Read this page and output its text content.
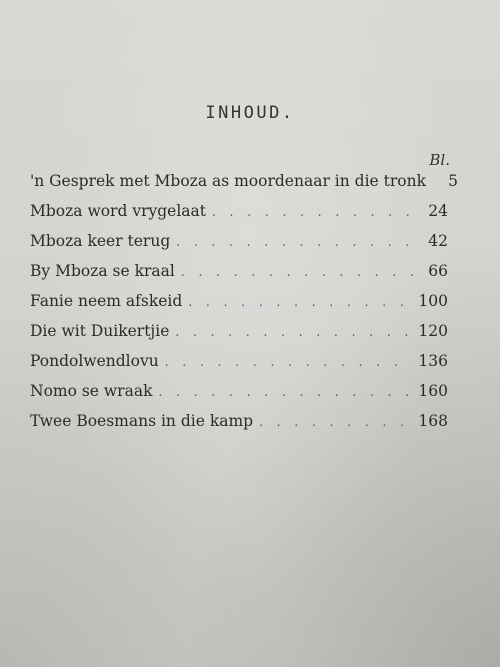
INHOUD.
Bl.
'n Gesprek met Mboza as moordenaar in die tronk	5
Mboza word vrygelaat . . .	24
Mboza keer terug . . .	42
By Mboza se kraal . . .	66
Fanie neem afskeid . . .	100
Die wit Duikertjie . . .	120
Pondolwendlovu . . .	136
Nomo se wraak . . .	160
Twee Boesmans in die kamp . . .	168
